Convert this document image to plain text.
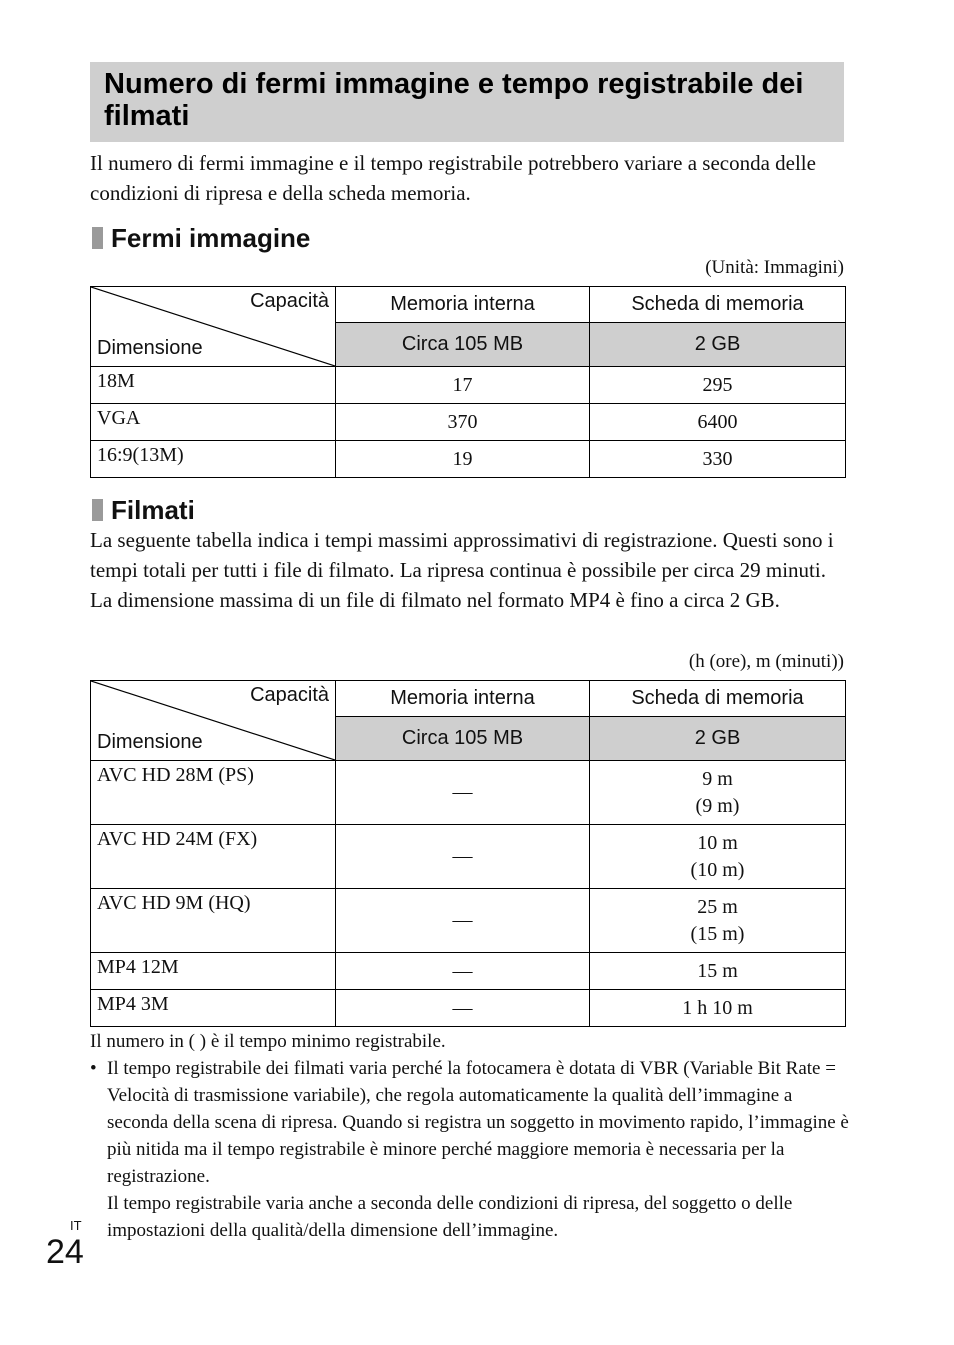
Numero di fermi immagine e tempo registrabile dei filmati

Il numero di fermi immagine e il tempo registrabile potrebbero variare a seconda delle condizioni di ripresa e della scheda memoria.

Fermi immagine
(Unità: Immagini)
Capacità
Dimensione	Memoria interna	Scheda di memoria
	Circa 105 MB	2 GB
18M	17	295
VGA	370	6400
16:9(13M)	19	330
Filmati

La seguente tabella indica i tempi massimi approssimativi di registrazione. Questi sono i tempi totali per tutti i file di filmato. La ripresa continua è possibile per circa 29 minuti. La dimensione massima di un file di filmato nel formato MP4 è fino a circa 2 GB.

(h (ore), m (minuti))
Capacità
Dimensione	Memoria interna	Scheda di memoria
	Circa 105 MB	2 GB
AVC HD 28M (PS)	—	9 m
(9 m)

AVC HD 24M (FX)	—	10 m
(10 m)

AVC HD 9M (HQ)	—	25 m
(15 m)

MP4 12M	—	15 m
MP4 3M	—	1 h 10 m

Il numero in ( ) è il tempo minimo registrabile.

• Il tempo registrabile dei filmati varia perché la fotocamera è dotata di VBR (Variable Bit Rate = Velocità di trasmissione variabile), che regola automaticamente la qualità dell’immagine a seconda della scena di ripresa. Quando si registra un soggetto in movimento rapido, l’immagine è più nitida ma il tempo registrabile è minore perché maggiore memoria è necessaria per la registrazione.
Il tempo registrabile varia anche a seconda delle condizioni di ripresa, del soggetto o delle impostazioni della qualità/della dimensione dell’immagine.
IT
24
